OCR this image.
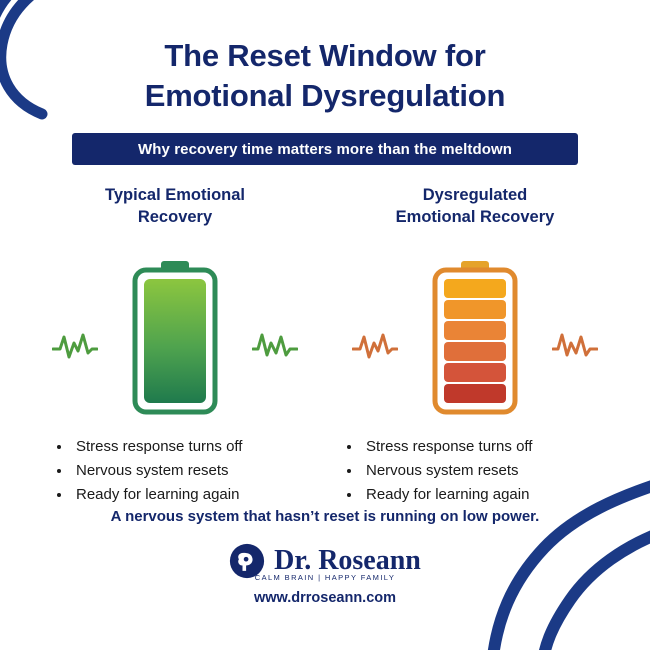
The Reset Window for
Emotional Dysregulation
Why recovery time matters more than the meltdown
Typical Emotional
Recovery
• Stress response turns off
• Nervous system resets
• Ready for learning again
Dysregulated
Emotional Recovery
• Stress response turns off
• Nervous system resets
• Ready for learning again
A nervous system that hasn’t reset is running on low power.
Dr. Roseann
CALM BRAIN | HAPPY FAMILY
www.drroseann.com
